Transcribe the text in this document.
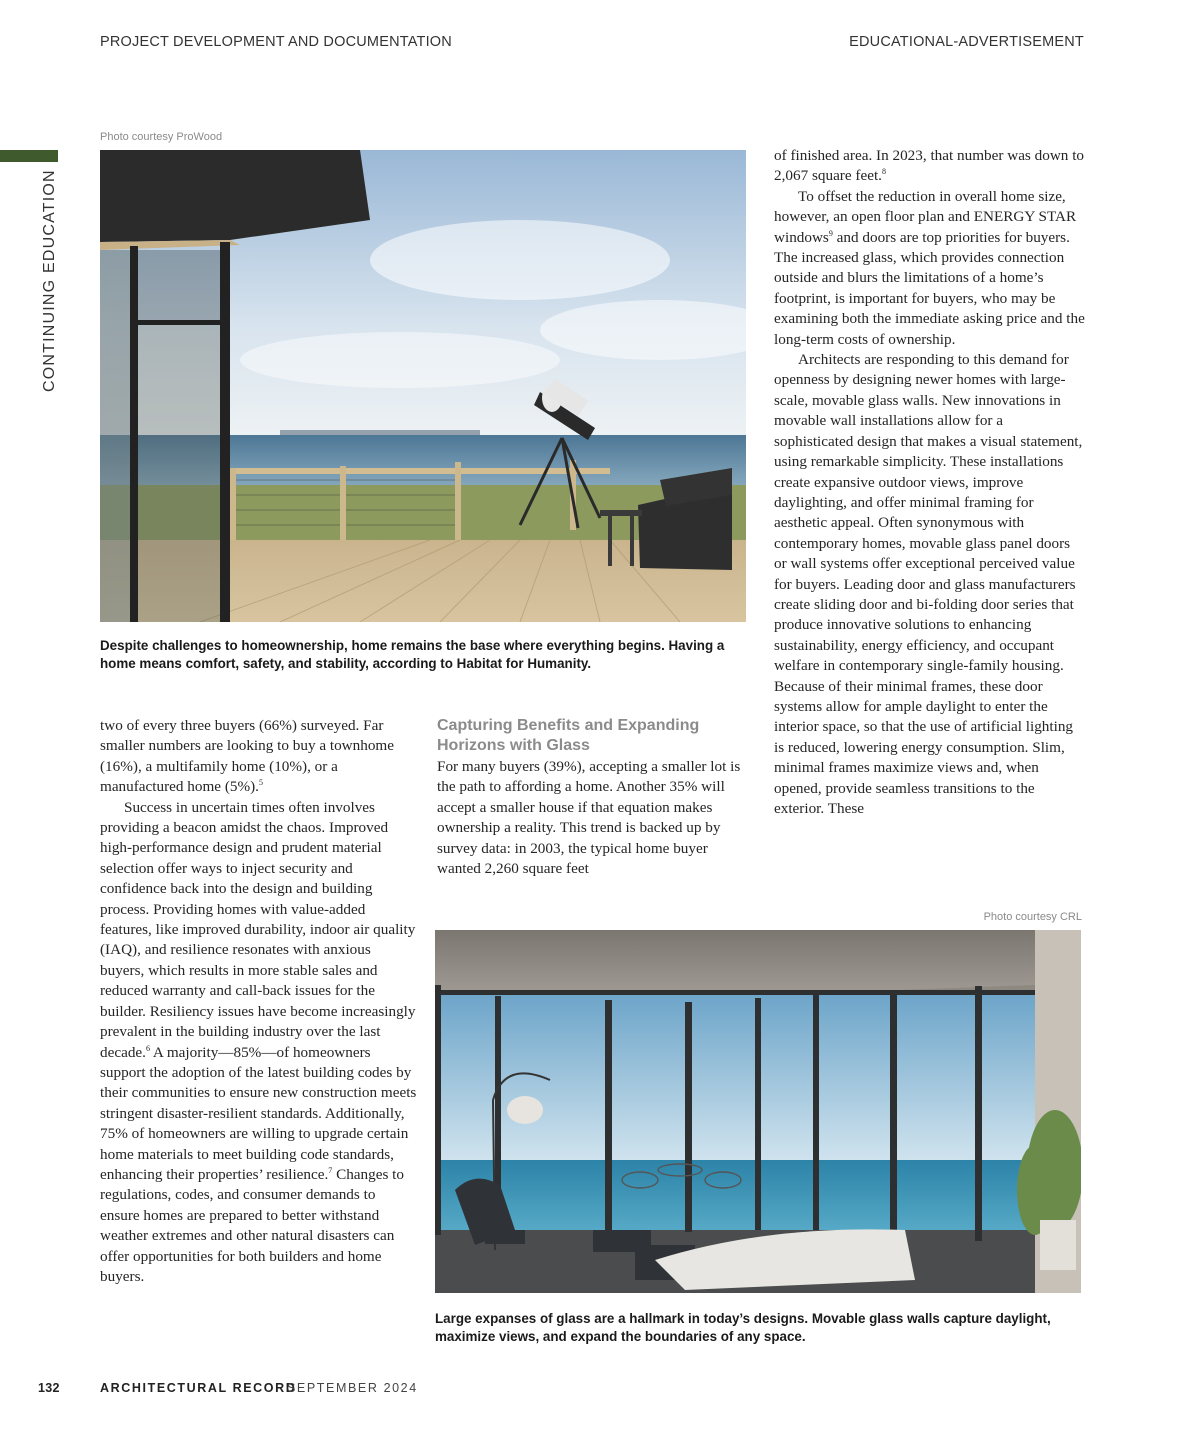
PROJECT DEVELOPMENT AND DOCUMENTATION	EDUCATIONAL-ADVERTISEMENT
CONTINUING EDUCATION
Photo courtesy ProWood
Despite challenges to homeownership, home remains the base where everything begins. Having a home means comfort, safety, and stability, according to Habitat for Humanity.

two of every three buyers (66%) surveyed. Far smaller numbers are looking to buy a townhome (16%), a multifamily home (10%), or a manufactured home (5%).$^5$

Success in uncertain times often involves providing a beacon amidst the chaos. Improved high-performance design and prudent material selection offer ways to inject security and confidence back into the design and building process. Providing homes with value-added features, like improved durability, indoor air quality (IAQ), and resilience resonates with anxious buyers, which results in more stable sales and reduced warranty and call-back issues for the builder. Resiliency issues have become increasingly prevalent in the building industry over the last decade.$^6$ A majority—85%—of homeowners support the adoption of the latest building codes by their communities to ensure new construction meets stringent disaster-resilient standards. Additionally, 75% of homeowners are willing to upgrade certain home materials to meet building code standards, enhancing their properties’ resilience.$^7$ Changes to regulations, codes, and consumer demands to ensure homes are prepared to better withstand weather extremes and other natural disasters can offer opportunities for both builders and home buyers.

Capturing Benefits and Expanding Horizons with Glass

For many buyers (39%), accepting a smaller lot is the path to affording a home. Another 35% will accept a smaller house if that equation makes ownership a reality. This trend is backed up by survey data: in 2003, the typical home buyer wanted 2,260 square feet

of finished area. In 2023, that number was down to 2,067 square feet.$^8$

To offset the reduction in overall home size, however, an open floor plan and ENERGY STAR windows$^9$ and doors are top priorities for buyers. The increased glass, which provides connection outside and blurs the limitations of a home’s footprint, is important for buyers, who may be examining both the immediate asking price and the long-term costs of ownership.

Architects are responding to this demand for openness by designing newer homes with large-scale, movable glass walls. New innovations in movable wall installations allow for a sophisticated design that makes a visual statement, using remarkable simplicity. These installations create expansive outdoor views, improve daylighting, and offer minimal framing for aesthetic appeal. Often synonymous with contemporary homes, movable glass panel doors or wall systems offer exceptional perceived value for buyers. Leading door and glass manufacturers create sliding door and bi-folding door series that produce innovative solutions to enhancing sustainability, energy efficiency, and occupant welfare in contemporary single-family housing. Because of their minimal frames, these door systems allow for ample daylight to enter the interior space, so that the use of artificial lighting is reduced, lowering energy consumption. Slim, minimal frames maximize views and, when opened, provide seamless transitions to the exterior. These

Photo courtesy CRL
Large expanses of glass are a hallmark in today’s designs. Movable glass walls capture daylight, maximize views, and expand the boundaries of any space.
132	ARCHITECTURAL RECORD
SEPTEMBER 2024
